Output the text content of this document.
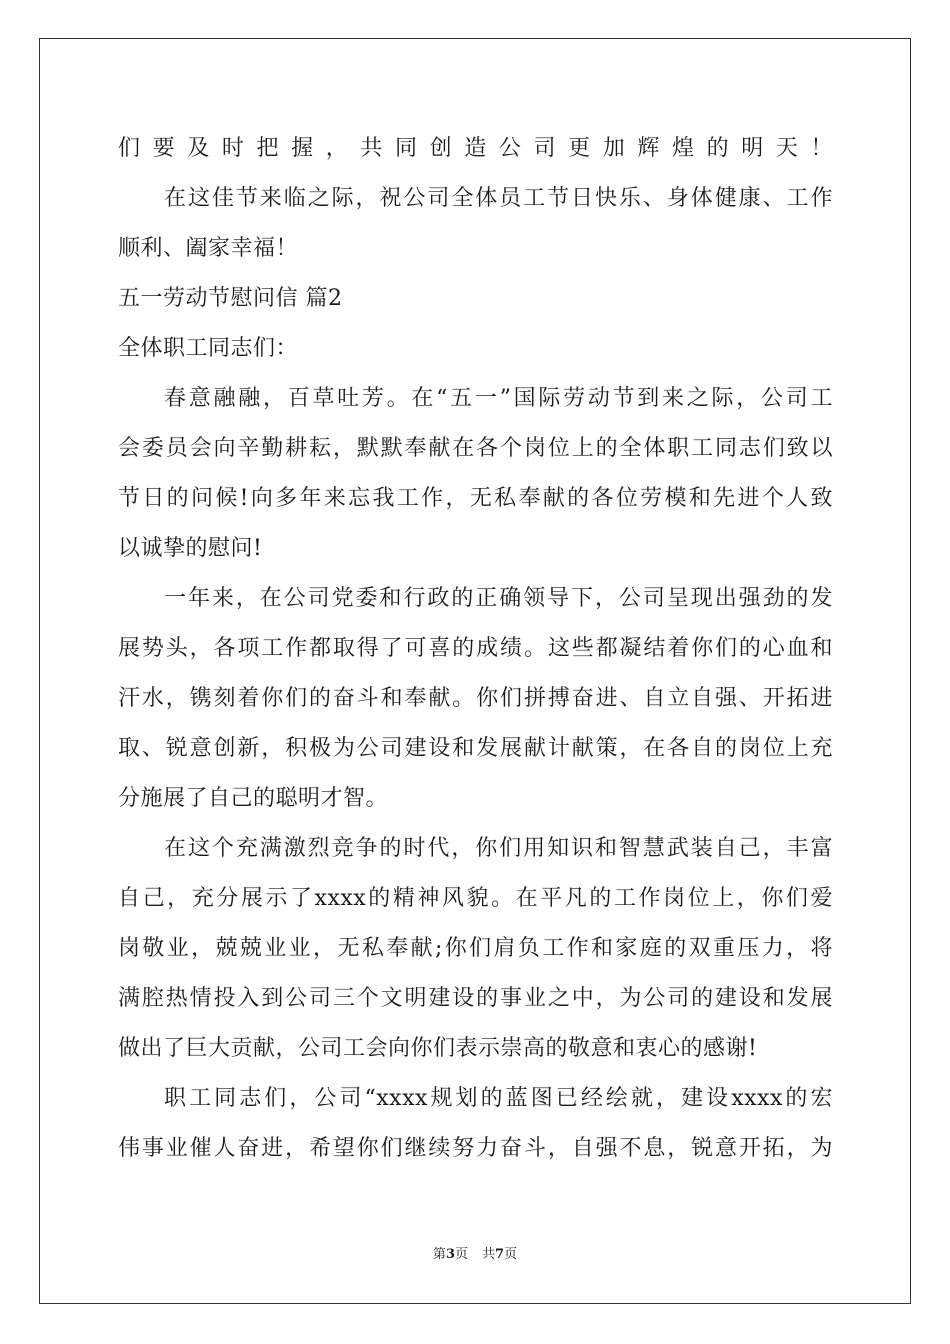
们要及时把握，共同创造公司更加辉煌的明天！
在这佳节来临之际，祝公司全体员工节日快乐、身体健康、工作
顺利、阖家幸福！
五一劳动节慰问信 篇2
全体职工同志们：
春意融融，百草吐芳。在“五一”国际劳动节到来之际，公司工
会委员会向辛勤耕耘，默默奉献在各个岗位上的全体职工同志们致以
节日的问候!向多年来忘我工作，无私奉献的各位劳模和先进个人致
以诚挚的慰问!
一年来，在公司党委和行政的正确领导下，公司呈现出强劲的发
展势头，各项工作都取得了可喜的成绩。这些都凝结着你们的心血和
汗水，镌刻着你们的奋斗和奉献。你们拼搏奋进、自立自强、开拓进
取、锐意创新，积极为公司建设和发展献计献策，在各自的岗位上充
分施展了自己的聪明才智。
在这个充满激烈竞争的时代，你们用知识和智慧武装自己，丰富
自己，充分展示了xxxx的精神风貌。在平凡的工作岗位上，你们爱
岗敬业，兢兢业业，无私奉献;你们肩负工作和家庭的双重压力，将
满腔热情投入到公司三个文明建设的事业之中，为公司的建设和发展
做出了巨大贡献，公司工会向你们表示崇高的敬意和衷心的感谢!
职工同志们，公司“xxxx规划的蓝图已经绘就，建设xxxx的宏
伟事业催人奋进，希望你们继续努力奋斗，自强不息，锐意开拓，为
第3页 共7页
